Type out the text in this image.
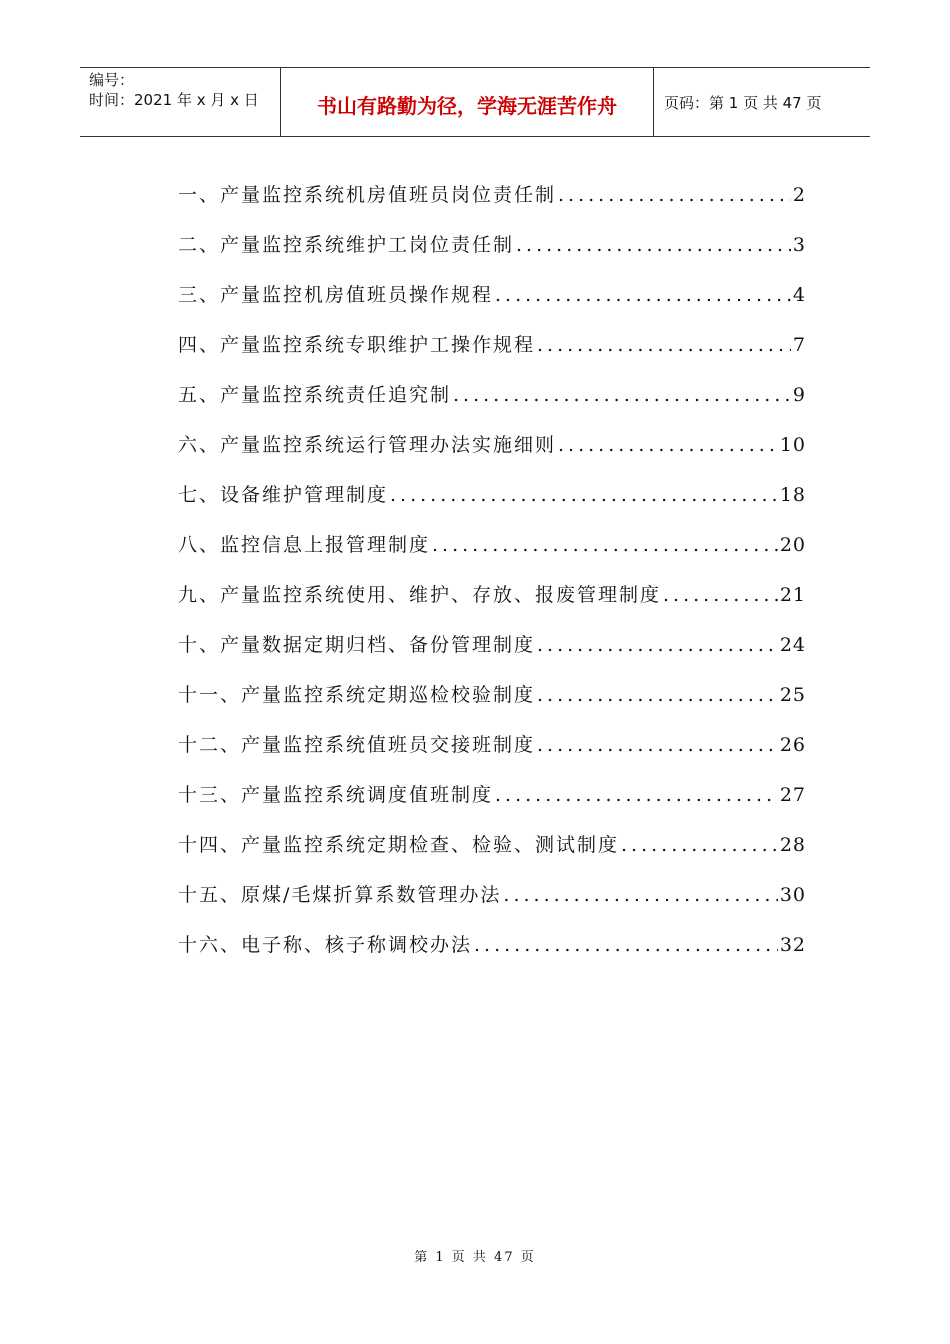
编号：
时间：2021 年 x 月 x 日	书山有路勤为径，学海无涯苦作舟	页码：第 1 页 共 47 页
一、产量监控系统机房值班员岗位责任制 .....	2
二、产量监控系统维护工岗位责任制 .....	3
三、产量监控机房值班员操作规程 .....	4
四、产量监控系统专职维护工操作规程 .....	7
五、产量监控系统责任追究制 .....	9
六、产量监控系统运行管理办法实施细则 .....	10
七、设备维护管理制度 .....	18
八、监控信息上报管理制度 .....	20
九、产量监控系统使用、维护、存放、报废管理制度 .....	21
十、产量数据定期归档、备份管理制度 .....	24
十一、产量监控系统定期巡检校验制度 .....	25
十二、产量监控系统值班员交接班制度 .....	26
十三、产量监控系统调度值班制度 .....	27
十四、产量监控系统定期检查、检验、测试制度 .....	28
十五、原煤/毛煤折算系数管理办法 .....	30
十六、电子称、核子称调校办法 .....	32
第 1 页 共 47 页
